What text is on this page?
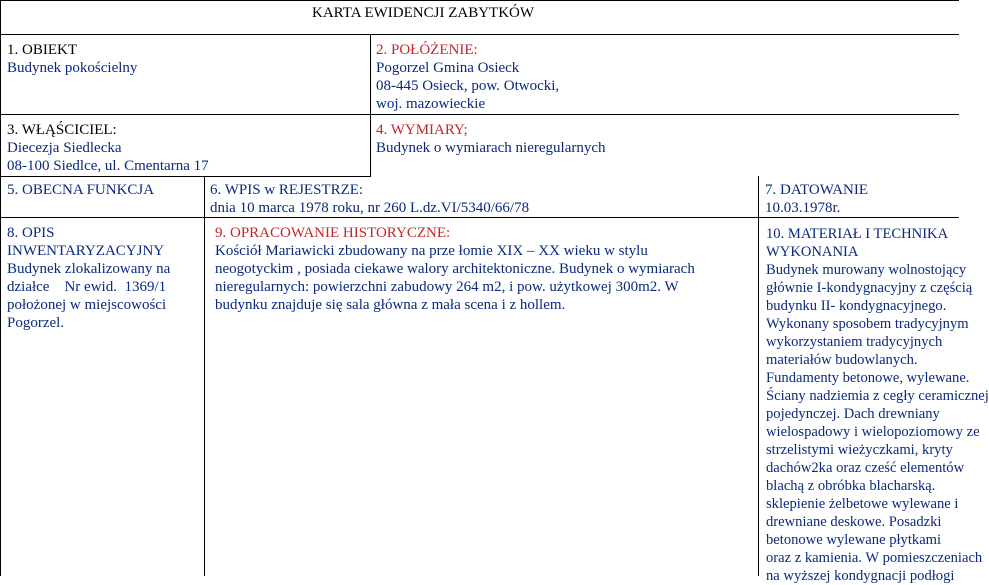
KARTA EWIDENCJI ZABYTKÓW
1. OBIEKT
Budynek pokościelny
2. POŁÓŻENIE:
Pogorzel Gmina Osieck
08-445 Osieck, pow. Otwocki,
woj. mazowieckie
3. WŁĄŚCICIEL:
Diecezja Siedlecka
08-100 Siedlce, ul. Cmentarna 17
4. WYMIARY;
Budynek o wymiarach nieregularnych
5. OBECNA FUNKCJA	6. WPIS w REJESTRZE:
dnia 10 marca 1978 roku, nr 260 L.dz.VI/5340/66/78
7. DATOWANIE
10.03.1978r.
8. OPIS
INWENTARYZACYJNY
Budynek zlokalizowany na
działce    Nr ewid.  1369/1
położonej w miejscowości
Pogorzel.
9. OPRACOWANIE HISTORYCZNE:
Kościół Mariawicki zbudowany na prze łomie XIX – XX wieku w stylu
neogotyckim , posiada ciekawe walory architektoniczne. Budynek o wymiarach
nieregularnych: powierzchni zabudowy 264 m2, i pow. użytkowej 300m2. W
budynku znajduje się sala główna z mała scena i z hollem.
10. MATERIAŁ I TECHNIKA
WYKONANIA
Budynek murowany wolnostojący
głównie I-kondygnacyjny z częścią
budynku II- kondygnacyjnego.
Wykonany sposobem tradycyjnym
wykorzystaniem tradycyjnych
materiałów budowlanych.
Fundamenty betonowe, wylewane.
Ściany nadziemia z cegły ceramicznej
pojedynczej. Dach drewniany
wielospadowy i wielopoziomowy ze
strzelistymi wieżyczkami, kryty
dachów2ka oraz cześć elementów
blachą z obróbka blacharską.
sklepienie żelbetowe wylewane i
drewniane deskowe. Posadzki
betonowe wylewane płytkami
oraz z kamienia. W pomieszczeniach
na wyższej kondygnacji podłogi
